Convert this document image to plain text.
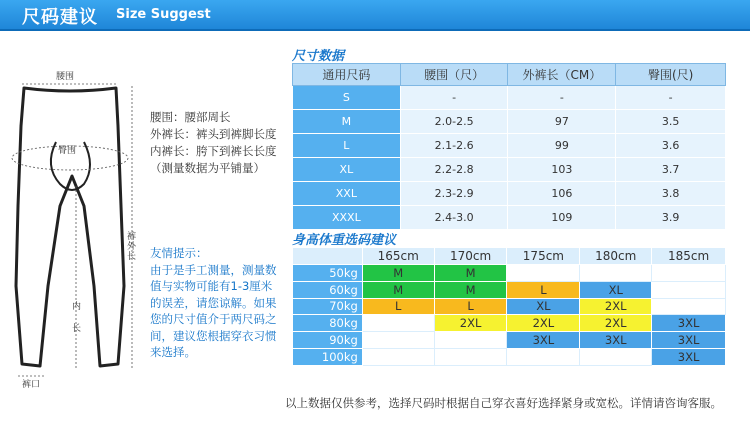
尺码建议 Size Suggest
腰围
臀围
裤外长
内长
裤口
腰围：腰部周长
外裤长：裤头到裤脚长度
内裤长：胯下到裤长长度
（测量数据为平铺量）
友情提示：
由于是手工测量，测量数
值与实物可能有1-3厘米
的误差，请您谅解。如果
您的尺寸值介于两尺码之
间，建议您根据穿衣习惯
来选择。
尺寸数据
通用尺码	腰围（尺）	外裤长（CM）	臀围(尺)
S	-	-	-
M	2.0-2.5	97	3.5
L	2.1-2.6	99	3.6
XL	2.2-2.8	103	3.7
XXL	2.3-2.9	106	3.8
XXXL	2.4-3.0	109	3.9
身高体重选码建议
	165cm	170cm	175cm	180cm	185cm
50kg	M	M			
60kg	M	M	L	XL	
70kg	L	L	XL	2XL	
80kg		2XL	2XL	2XL	3XL
90kg			3XL	3XL	3XL
100kg					3XL
以上数据仅供参考，选择尺码时根据自己穿衣喜好选择紧身或宽松。详情请咨询客服。
